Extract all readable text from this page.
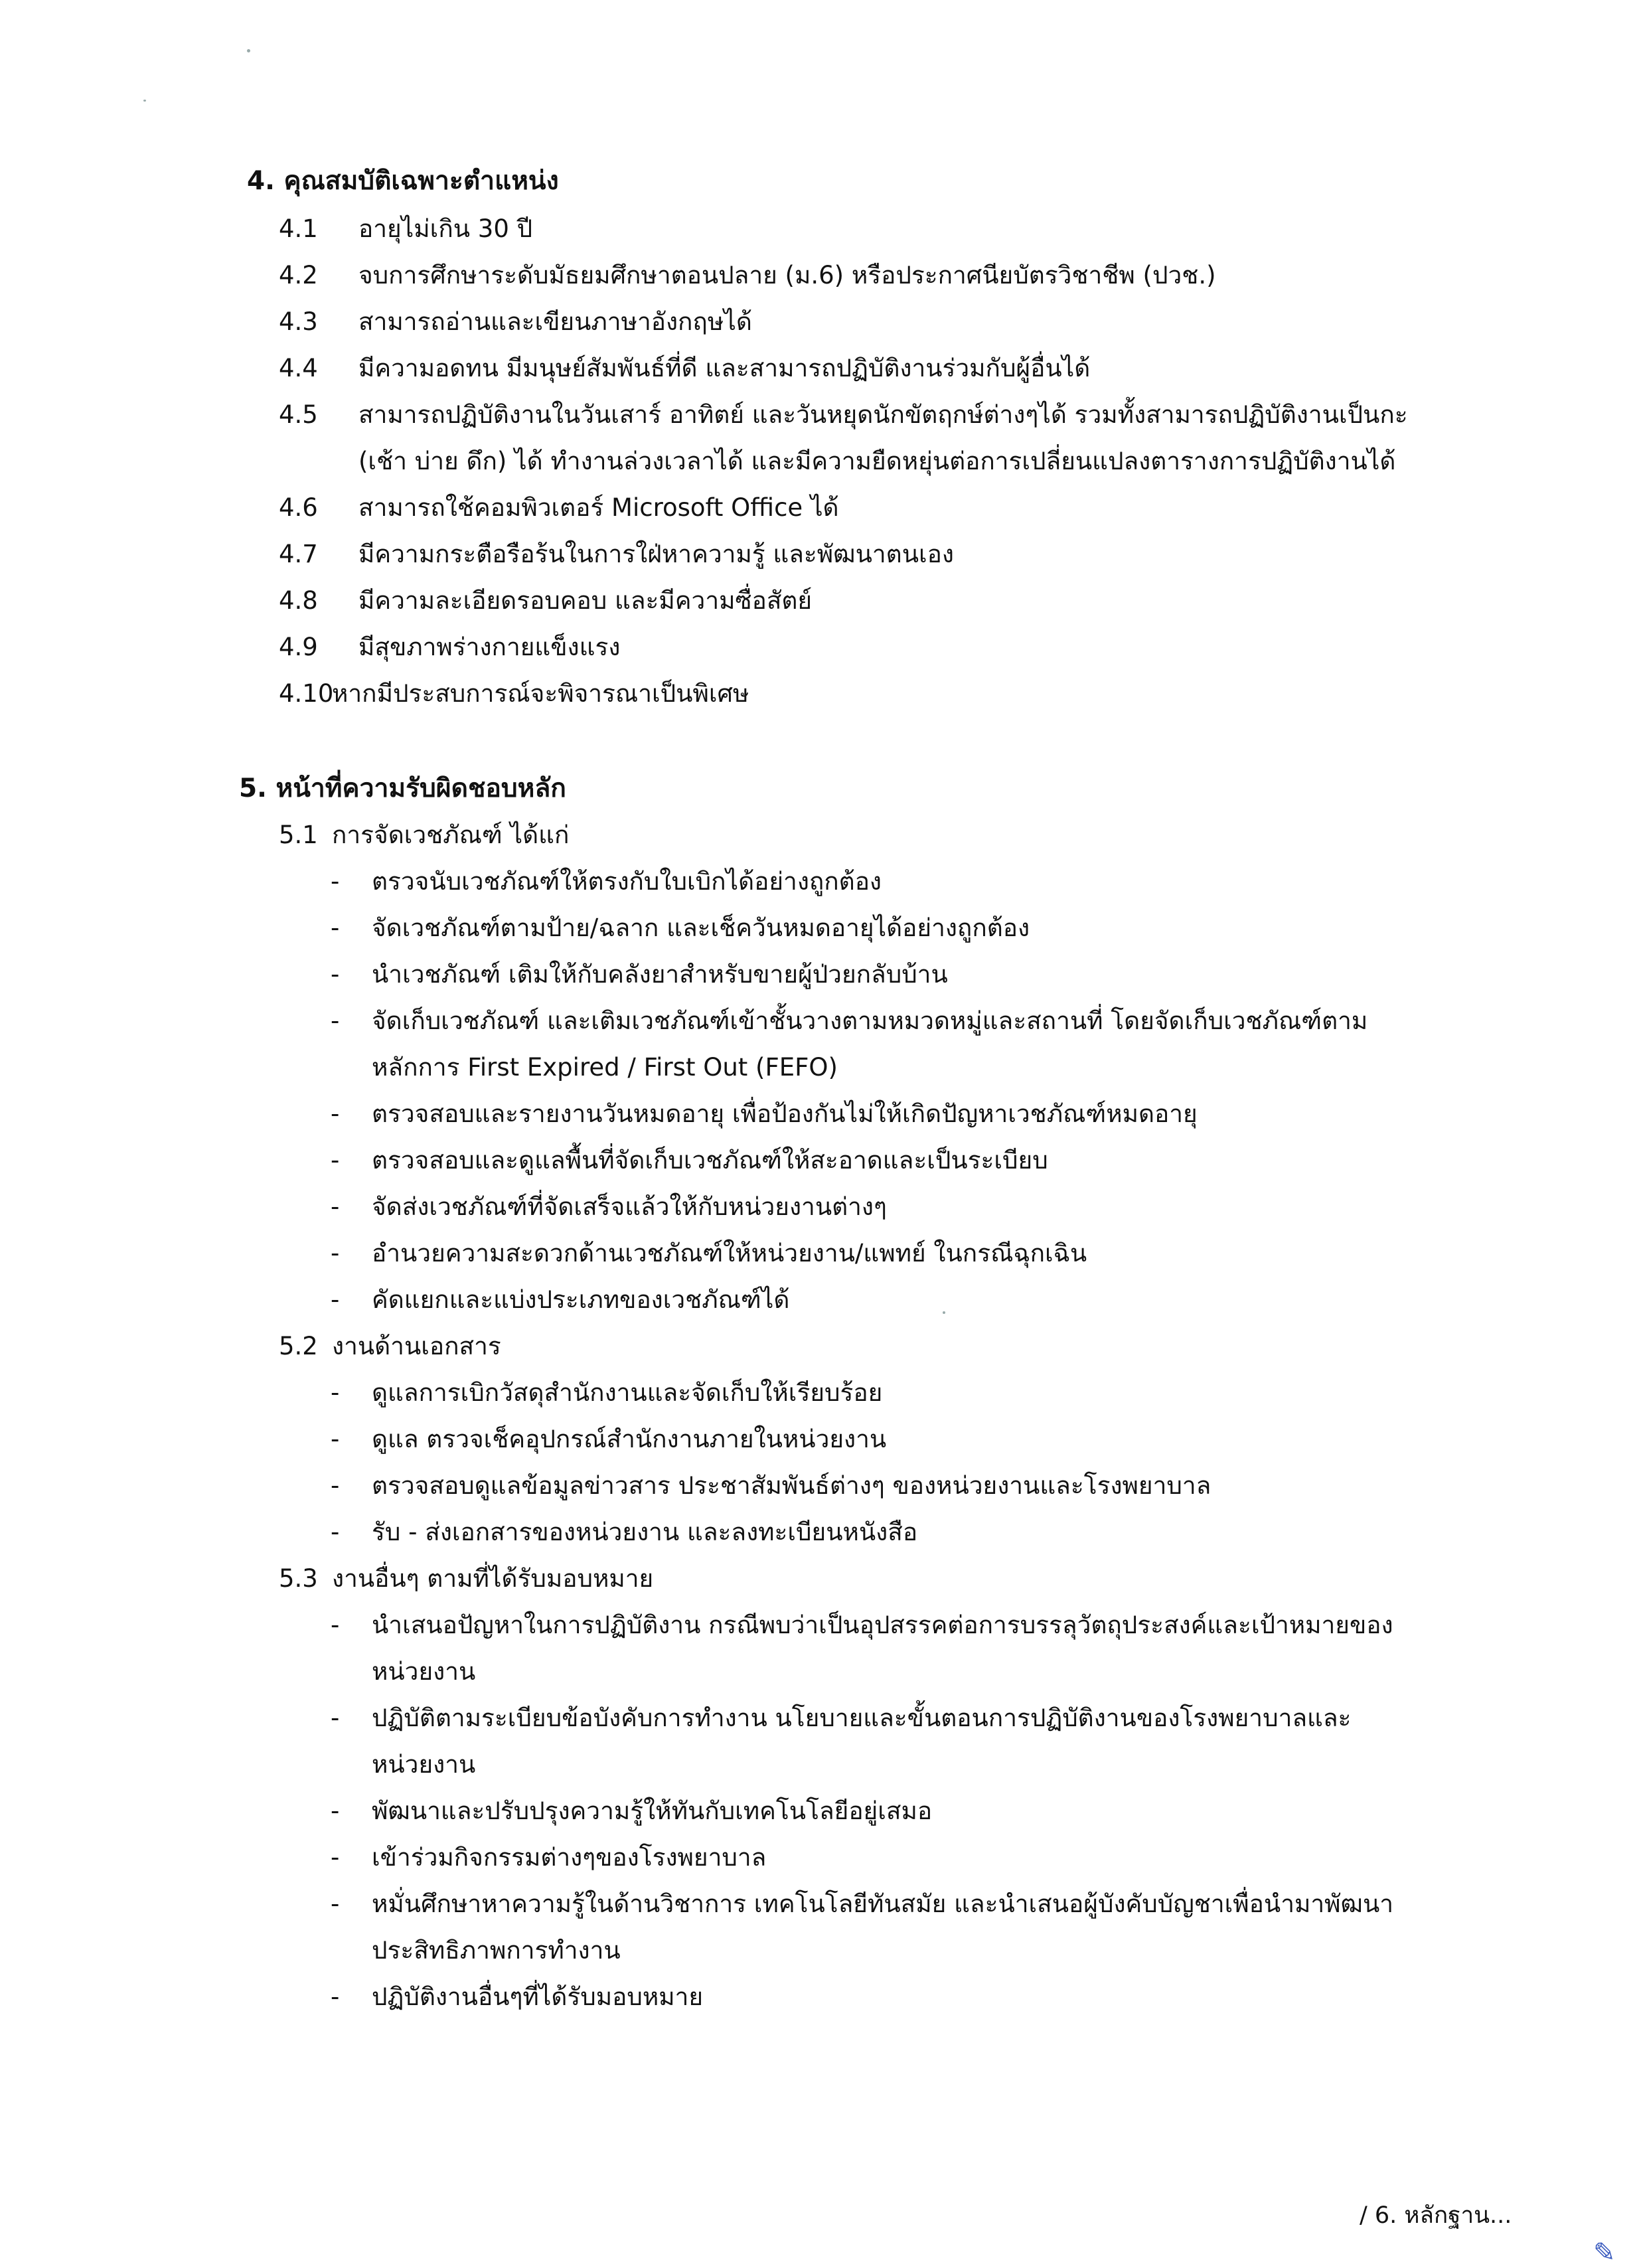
4. คุณสมบัติเฉพาะตำแหน่ง
4.1 อายุไม่เกิน 30 ปี
4.2 จบการศึกษาระดับมัธยมศึกษาตอนปลาย (ม.6) หรือประกาศนียบัตรวิชาชีพ (ปวช.)
4.3 สามารถอ่านและเขียนภาษาอังกฤษได้
4.4 มีความอดทน มีมนุษย์สัมพันธ์ที่ดี และสามารถปฏิบัติงานร่วมกับผู้อื่นได้
4.5 สามารถปฏิบัติงานในวันเสาร์ อาทิตย์ และวันหยุดนักขัตฤกษ์ต่างๆได้ รวมทั้งสามารถปฏิบัติงานเป็นกะ
(เช้า บ่าย ดึก) ได้ ทำงานล่วงเวลาได้ และมีความยืดหยุ่นต่อการเปลี่ยนแปลงตารางการปฏิบัติงานได้
4.6 สามารถใช้คอมพิวเตอร์ Microsoft Office ได้
4.7 มีความกระตือรือร้นในการใฝ่หาความรู้ และพัฒนาตนเอง
4.8 มีความละเอียดรอบคอบ และมีความซื่อสัตย์
4.9 มีสุขภาพร่างกายแข็งแรง
4.10หากมีประสบการณ์จะพิจารณาเป็นพิเศษ
5. หน้าที่ความรับผิดชอบหลัก
5.1 การจัดเวชภัณฑ์ ได้แก่
- ตรวจนับเวชภัณฑ์ให้ตรงกับใบเบิกได้อย่างถูกต้อง
- จัดเวชภัณฑ์ตามป้าย/ฉลาก และเช็ควันหมดอายุได้อย่างถูกต้อง
- นำเวชภัณฑ์ เติมให้กับคลังยาสำหรับขายผู้ป่วยกลับบ้าน
- จัดเก็บเวชภัณฑ์ และเติมเวชภัณฑ์เข้าชั้นวางตามหมวดหมู่และสถานที่ โดยจัดเก็บเวชภัณฑ์ตาม
หลักการ First Expired / First Out (FEFO)
- ตรวจสอบและรายงานวันหมดอายุ เพื่อป้องกันไม่ให้เกิดปัญหาเวชภัณฑ์หมดอายุ
- ตรวจสอบและดูแลพื้นที่จัดเก็บเวชภัณฑ์ให้สะอาดและเป็นระเบียบ
- จัดส่งเวชภัณฑ์ที่จัดเสร็จแล้วให้กับหน่วยงานต่างๆ
- อำนวยความสะดวกด้านเวชภัณฑ์ให้หน่วยงาน/แพทย์ ในกรณีฉุกเฉิน
- คัดแยกและแบ่งประเภทของเวชภัณฑ์ได้
5.2 งานด้านเอกสาร
- ดูแลการเบิกวัสดุสำนักงานและจัดเก็บให้เรียบร้อย
- ดูแล ตรวจเช็คอุปกรณ์สำนักงานภายในหน่วยงาน
- ตรวจสอบดูแลข้อมูลข่าวสาร ประชาสัมพันธ์ต่างๆ ของหน่วยงานและโรงพยาบาล
- รับ - ส่งเอกสารของหน่วยงาน และลงทะเบียนหนังสือ
5.3 งานอื่นๆ ตามที่ได้รับมอบหมาย
- นำเสนอปัญหาในการปฏิบัติงาน กรณีพบว่าเป็นอุปสรรคต่อการบรรลุวัตถุประสงค์และเป้าหมายของ
หน่วยงาน
- ปฏิบัติตามระเบียบข้อบังคับการทำงาน นโยบายและขั้นตอนการปฏิบัติงานของโรงพยาบาลและ
หน่วยงาน
- พัฒนาและปรับปรุงความรู้ให้ทันกับเทคโนโลยีอยู่เสมอ
- เข้าร่วมกิจกรรมต่างๆของโรงพยาบาล
- หมั่นศึกษาหาความรู้ในด้านวิชาการ เทคโนโลยีทันสมัย และนำเสนอผู้บังคับบัญชาเพื่อนำมาพัฒนา
ประสิทธิภาพการทำงาน
- ปฏิบัติงานอื่นๆที่ได้รับมอบหมาย
/ 6. หลักฐาน...
✎
